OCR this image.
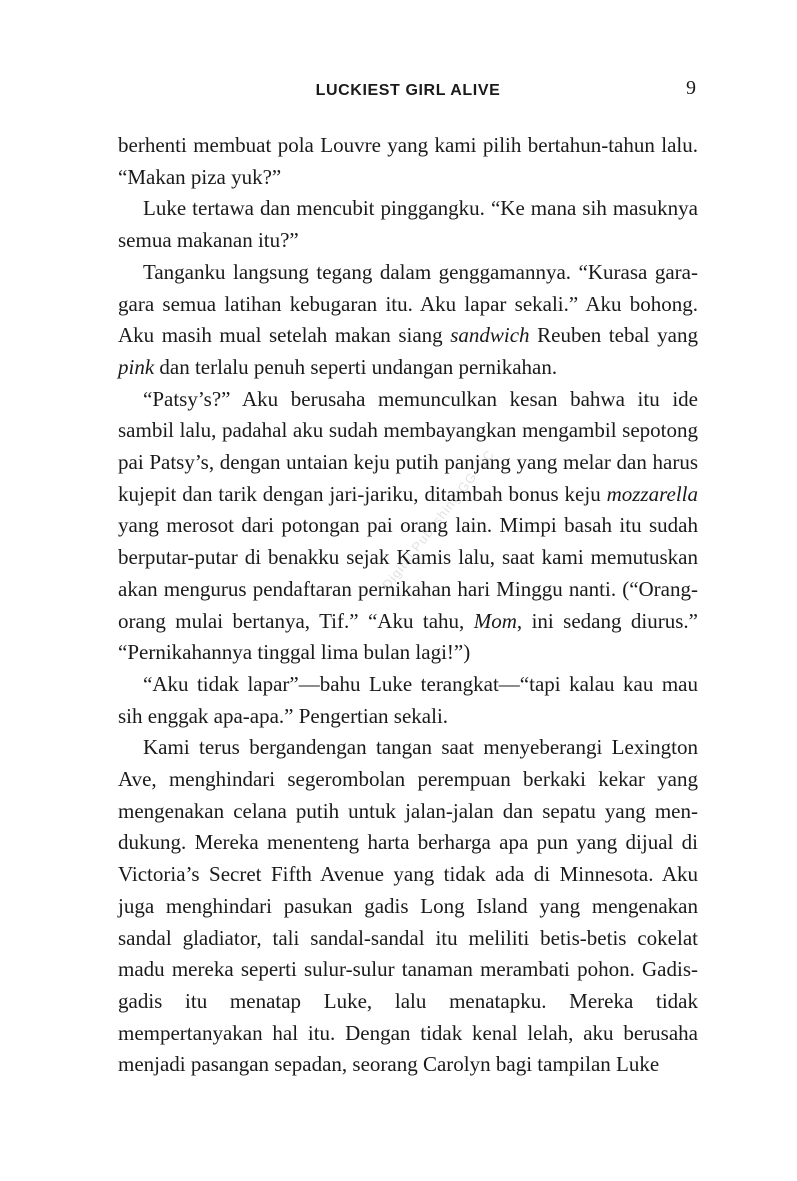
LUCKIEST GIRL ALIVE	9

berhenti membuat pola Louvre yang kami pilih bertahun-tahun lalu. “Makan piza yuk?”

Luke tertawa dan mencubit pinggangku. “Ke mana sih masuknya semua makanan itu?”

Tanganku langsung tegang dalam genggamannya. “Kurasa garagara semua latihan kebugaran itu. Aku lapar sekali.” Aku bohong. Aku masih mual setelah makan siang sandwich Reuben tebal yang pink dan terlalu penuh seperti undangan pernikahan.

“Patsy’s?” Aku berusaha memunculkan kesan bahwa itu ide sambil lalu, padahal aku sudah membayangkan mengambil sepotong pai Patsy’s, dengan untaian keju putih panjang yang melar dan harus kujepit dan tarik dengan jari-jariku, ditambah bonus keju mozzarella yang merosot dari potongan pai orang lain. Mimpi basah itu sudah berputar-putar di benakku sejak Kamis lalu, saat kami memutuskan akan mengurus pendaftaran pernikahan hari Minggu nanti. (“Orang-orang mulai bertanya, Tif.” “Aku tahu, Mom, ini sedang diurus.” “Pernikahannya tinggal lima bulan lagi!”)

“Aku tidak lapar”—bahu Luke terangkat—“tapi kalau kau mau sih enggak apa-apa.” Pengertian sekali.

Kami terus bergandengan tangan saat menyeberangi Lexington Ave, menghindari segerombolan perempuan berkaki kekar yang mengenakan celana putih untuk jalan-jalan dan sepatu yang mendukung. Mereka menenteng harta berharga apa pun yang dijual di Victoria’s Secret Fifth Avenue yang tidak ada di Minnesota. Aku juga menghindari pasukan gadis Long Island yang mengenakan sandal gladiator, tali sandal-sandal itu meliliti betis-betis cokelat madu mereka seperti sulur-sulur tanaman merambati pohon. Gadis-gadis itu menatap Luke, lalu menatapku. Mereka tidak mempertanyakan hal itu. Dengan tidak kenal lelah, aku berusaha menjadi pasangan sepadan, seorang Carolyn bagi tampilan Luke

Digital Publishing GG–SC
